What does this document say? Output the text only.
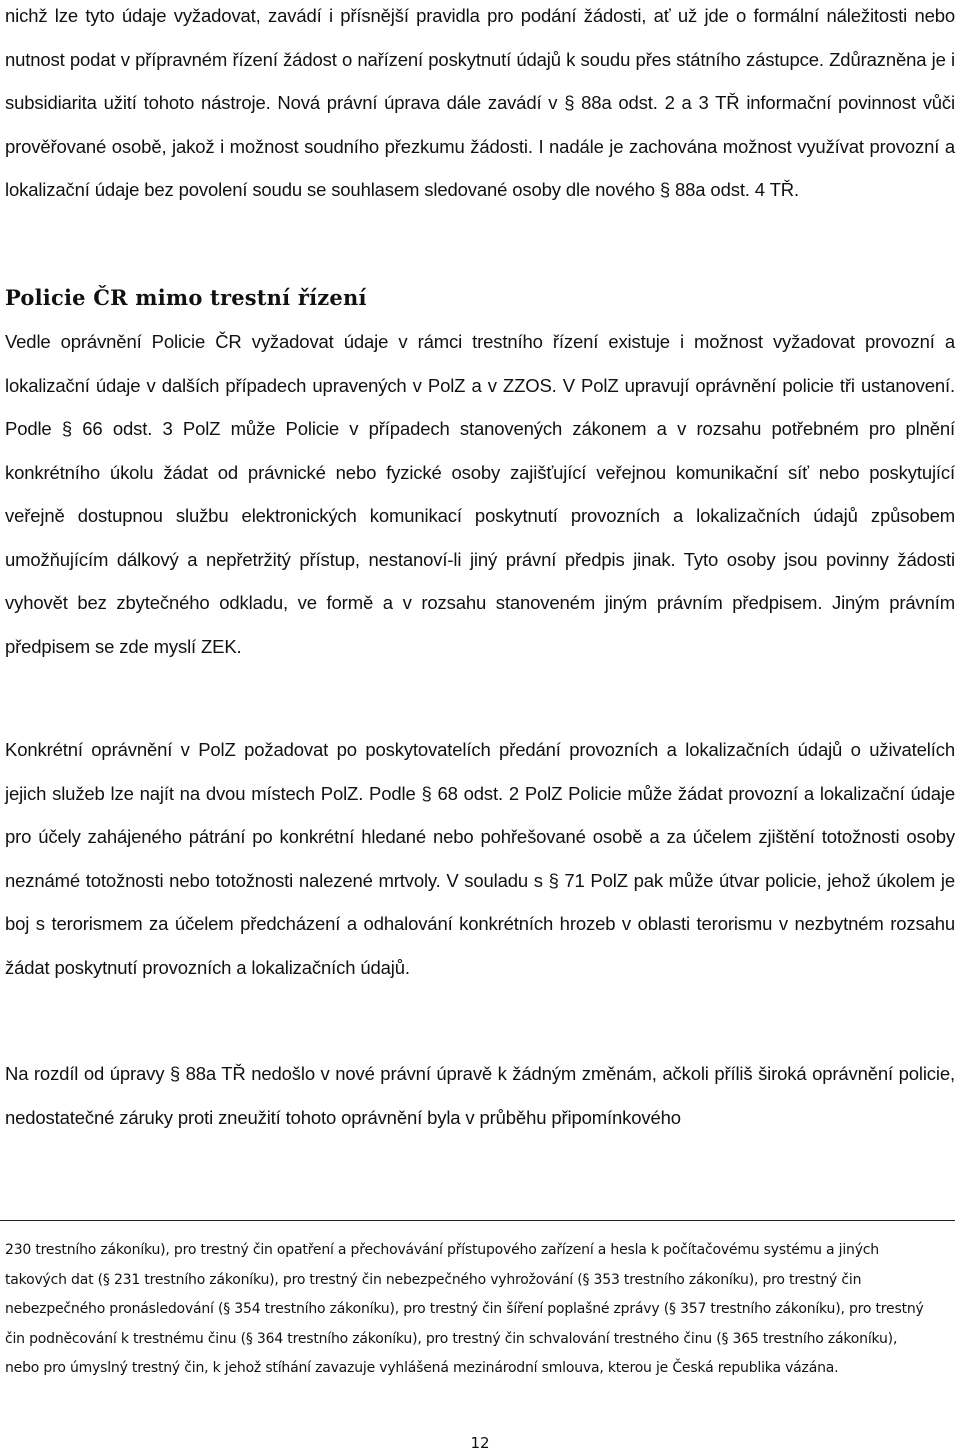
nichž lze tyto údaje vyžadovat, zavádí i přísnější pravidla pro podání žádosti, ať už jde o formální náležitosti nebo nutnost podat v přípravném řízení žádost o nařízení poskytnutí údajů k soudu přes státního zástupce. Zdůrazněna je i subsidiarita užití tohoto nástroje. Nová právní úprava dále zavádí v § 88a odst. 2 a 3 TŘ informační povinnost vůči prověřované osobě, jakož i možnost soudního přezkumu žádosti. I nadále je zachována možnost využívat provozní a lokalizační údaje bez povolení soudu se souhlasem sledované osoby dle nového § 88a odst. 4 TŘ.

Policie ČR mimo trestní řízení

Vedle oprávnění Policie ČR vyžadovat údaje v rámci trestního řízení existuje i možnost vyžadovat provozní a lokalizační údaje v dalších případech upravených v PolZ a v ZZOS. V PolZ upravují oprávnění policie tři ustanovení. Podle § 66 odst. 3 PolZ může Policie v případech stanovených zákonem a v rozsahu potřebném pro plnění konkrétního úkolu žádat od právnické nebo fyzické osoby zajišťující veřejnou komunikační síť nebo poskytující veřejně dostupnou službu elektronických komunikací poskytnutí provozních a lokalizačních údajů způsobem umožňujícím dálkový a nepřetržitý přístup, nestanoví-li jiný právní předpis jinak. Tyto osoby jsou povinny žádosti vyhovět bez zbytečného odkladu, ve formě a v rozsahu stanoveném jiným právním předpisem. Jiným právním předpisem se zde myslí ZEK.

Konkrétní oprávnění v PolZ požadovat po poskytovatelích předání provozních a lokalizačních údajů o uživatelích jejich služeb lze najít na dvou místech PolZ. Podle § 68 odst. 2 PolZ Policie může žádat provozní a lokalizační údaje pro účely zahájeného pátrání po konkrétní hledané nebo pohřešované osobě a za účelem zjištění totožnosti osoby neznámé totožnosti nebo totožnosti nalezené mrtvoly. V souladu s § 71 PolZ pak může útvar policie, jehož úkolem je boj s terorismem za účelem předcházení a odhalování konkrétních hrozeb v oblasti terorismu v nezbytném rozsahu žádat poskytnutí provozních a lokalizačních údajů.

Na rozdíl od úpravy § 88a TŘ nedošlo v nové právní úpravě k žádným změnám, ačkoli příliš široká oprávnění policie, nedostatečné záruky proti zneužití tohoto oprávnění byla v průběhu připomínkového

230 trestního zákoníku), pro trestný čin opatření a přechovávání přístupového zařízení a hesla k počítačovému systému a jiných takových dat (§ 231 trestního zákoníku), pro trestný čin nebezpečného vyhrožování (§ 353 trestního zákoníku), pro trestný čin nebezpečného pronásledování (§ 354 trestního zákoníku), pro trestný čin šíření poplašné zprávy (§ 357 trestního zákoníku), pro trestný čin podněcování k trestnému činu (§ 364 trestního zákoníku), pro trestný čin schvalování trestného činu (§ 365 trestního zákoníku), nebo pro úmyslný trestný čin, k jehož stíhání zavazuje vyhlášená mezinárodní smlouva, kterou je Česká republika vázána.

12
